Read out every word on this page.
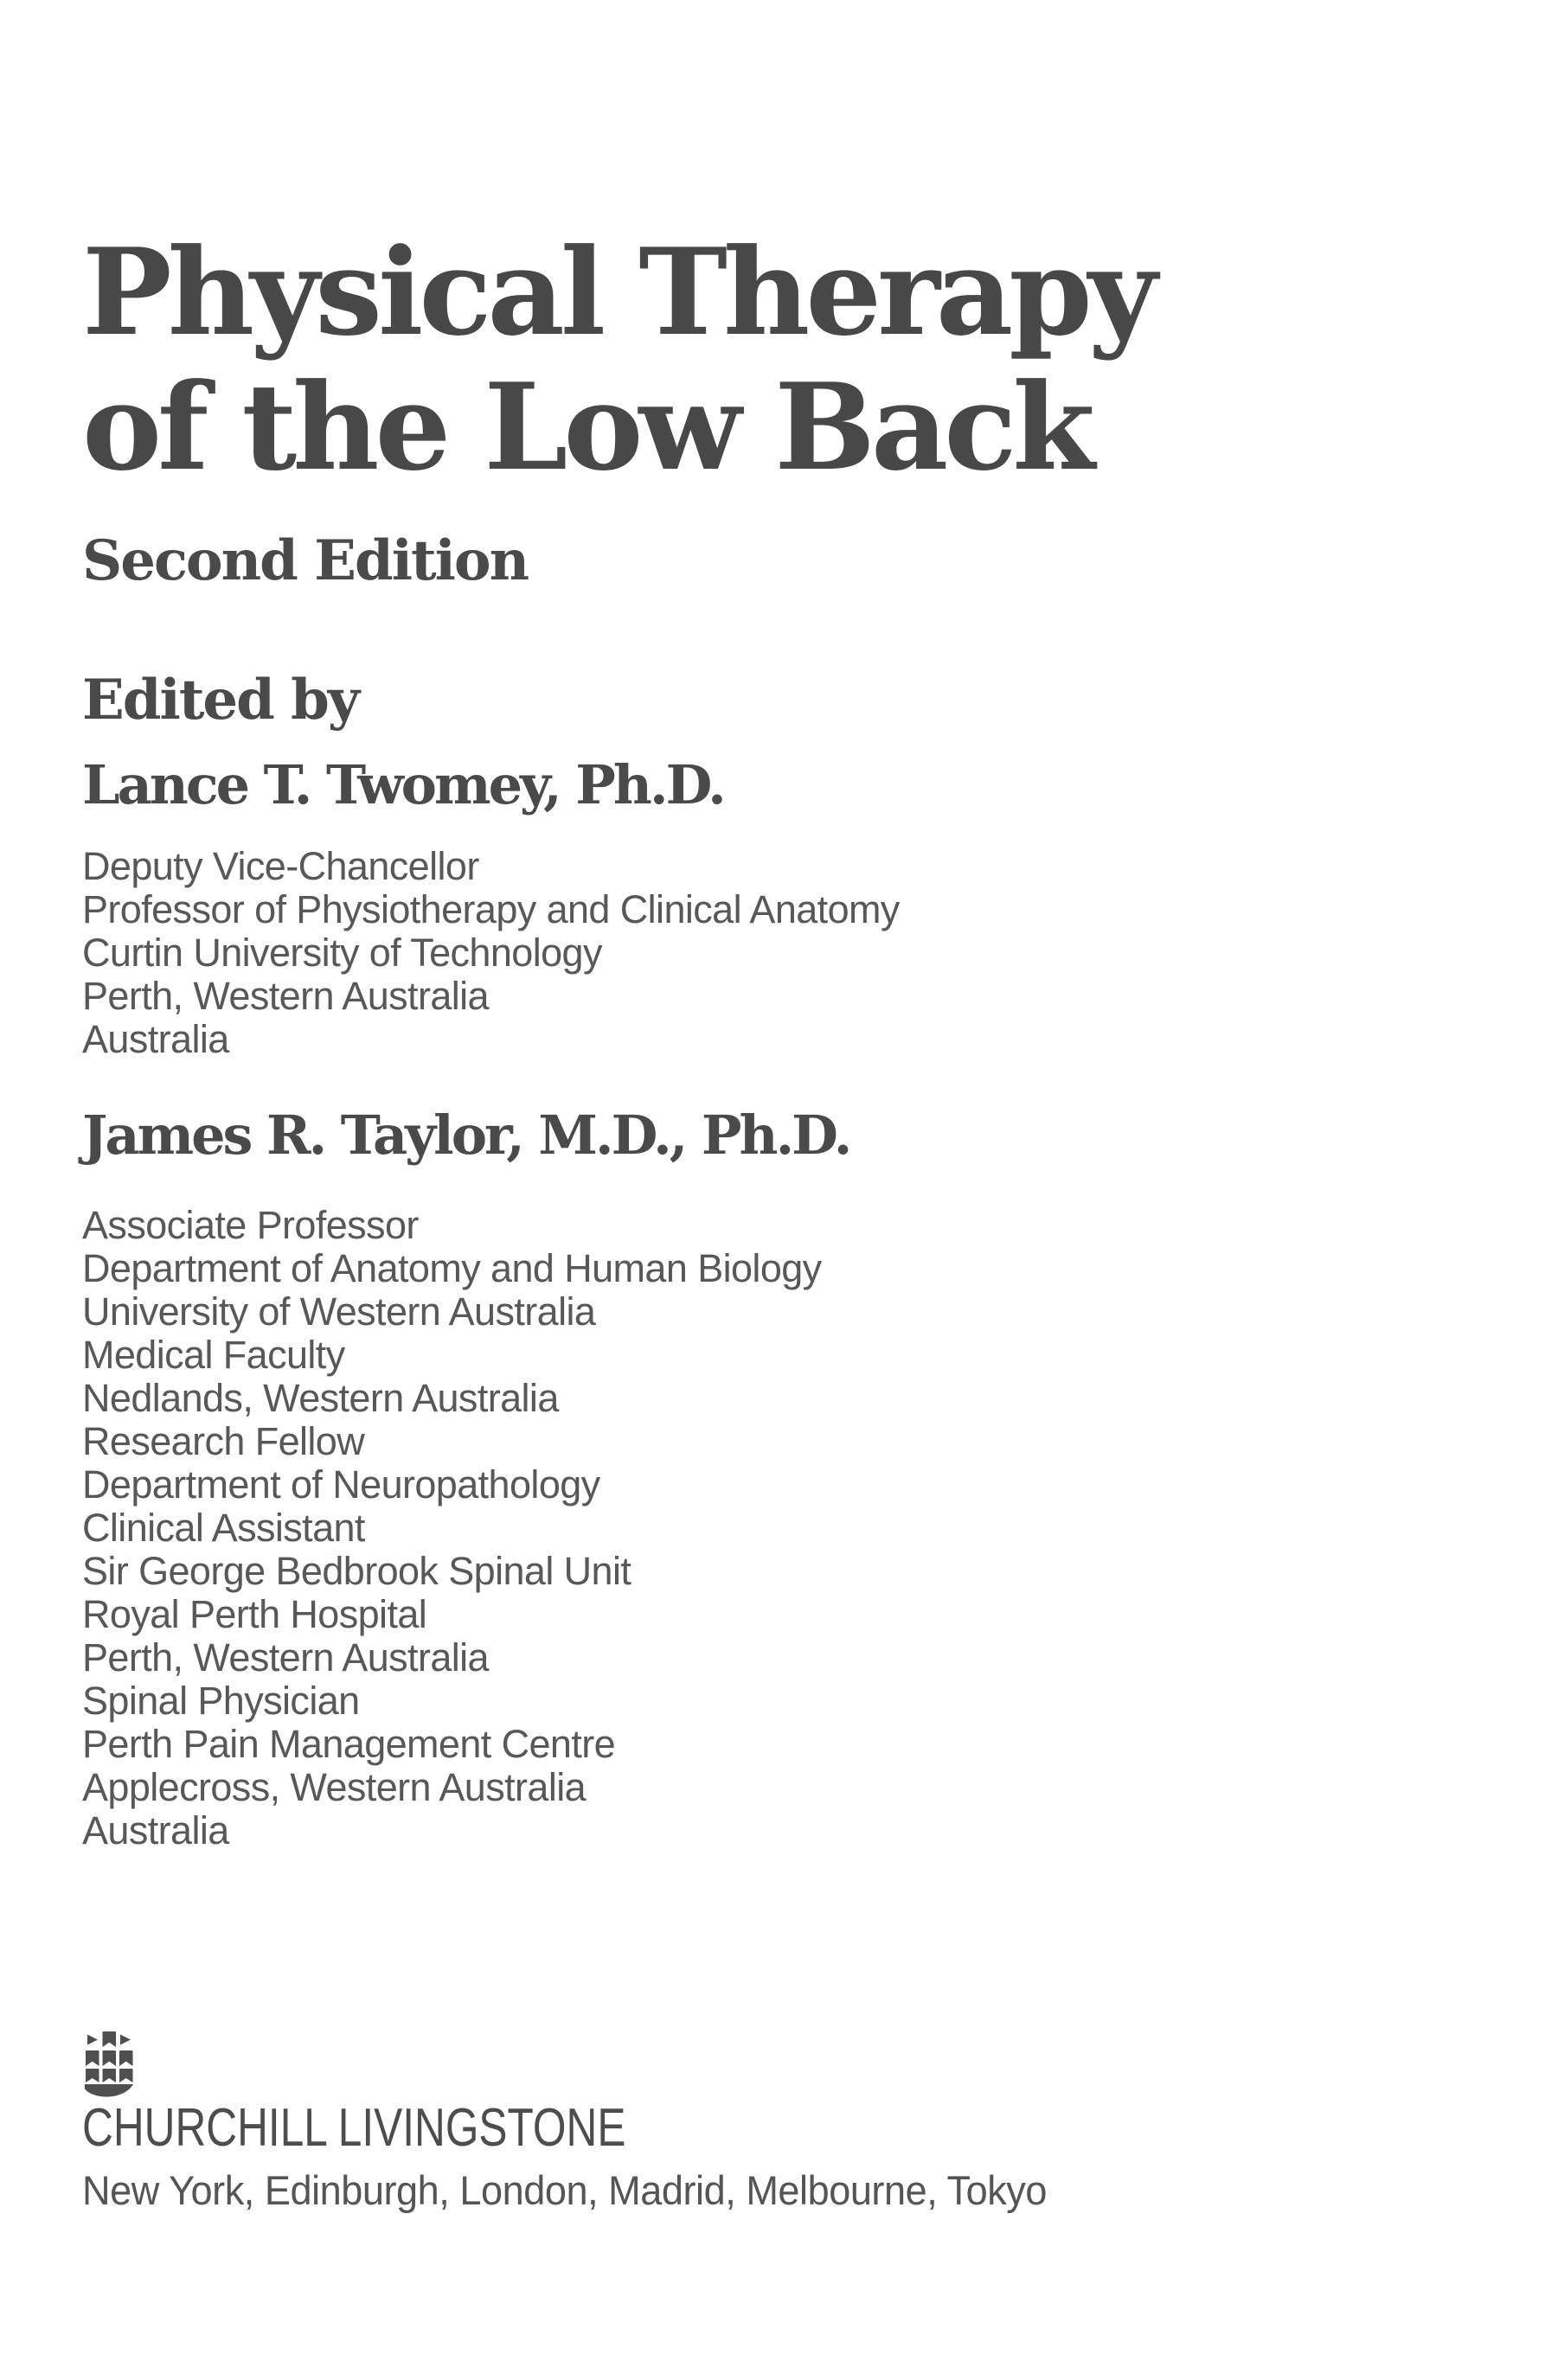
Physical Therapy
of the Low Back
Second Edition
Edited by
Lance T. Twomey, Ph.D.
Deputy Vice-Chancellor
Professor of Physiotherapy and Clinical Anatomy
Curtin University of Technology
Perth, Western Australia
Australia
James R. Taylor, M.D., Ph.D.
Associate Professor
Department of Anatomy and Human Biology
University of Western Australia
Medical Faculty
Nedlands, Western Australia
Research Fellow
Department of Neuropathology
Clinical Assistant
Sir George Bedbrook Spinal Unit
Royal Perth Hospital
Perth, Western Australia
Spinal Physician
Perth Pain Management Centre
Applecross, Western Australia
Australia
CHURCHILL LIVINGSTONE
New York, Edinburgh, London, Madrid, Melbourne, Tokyo
